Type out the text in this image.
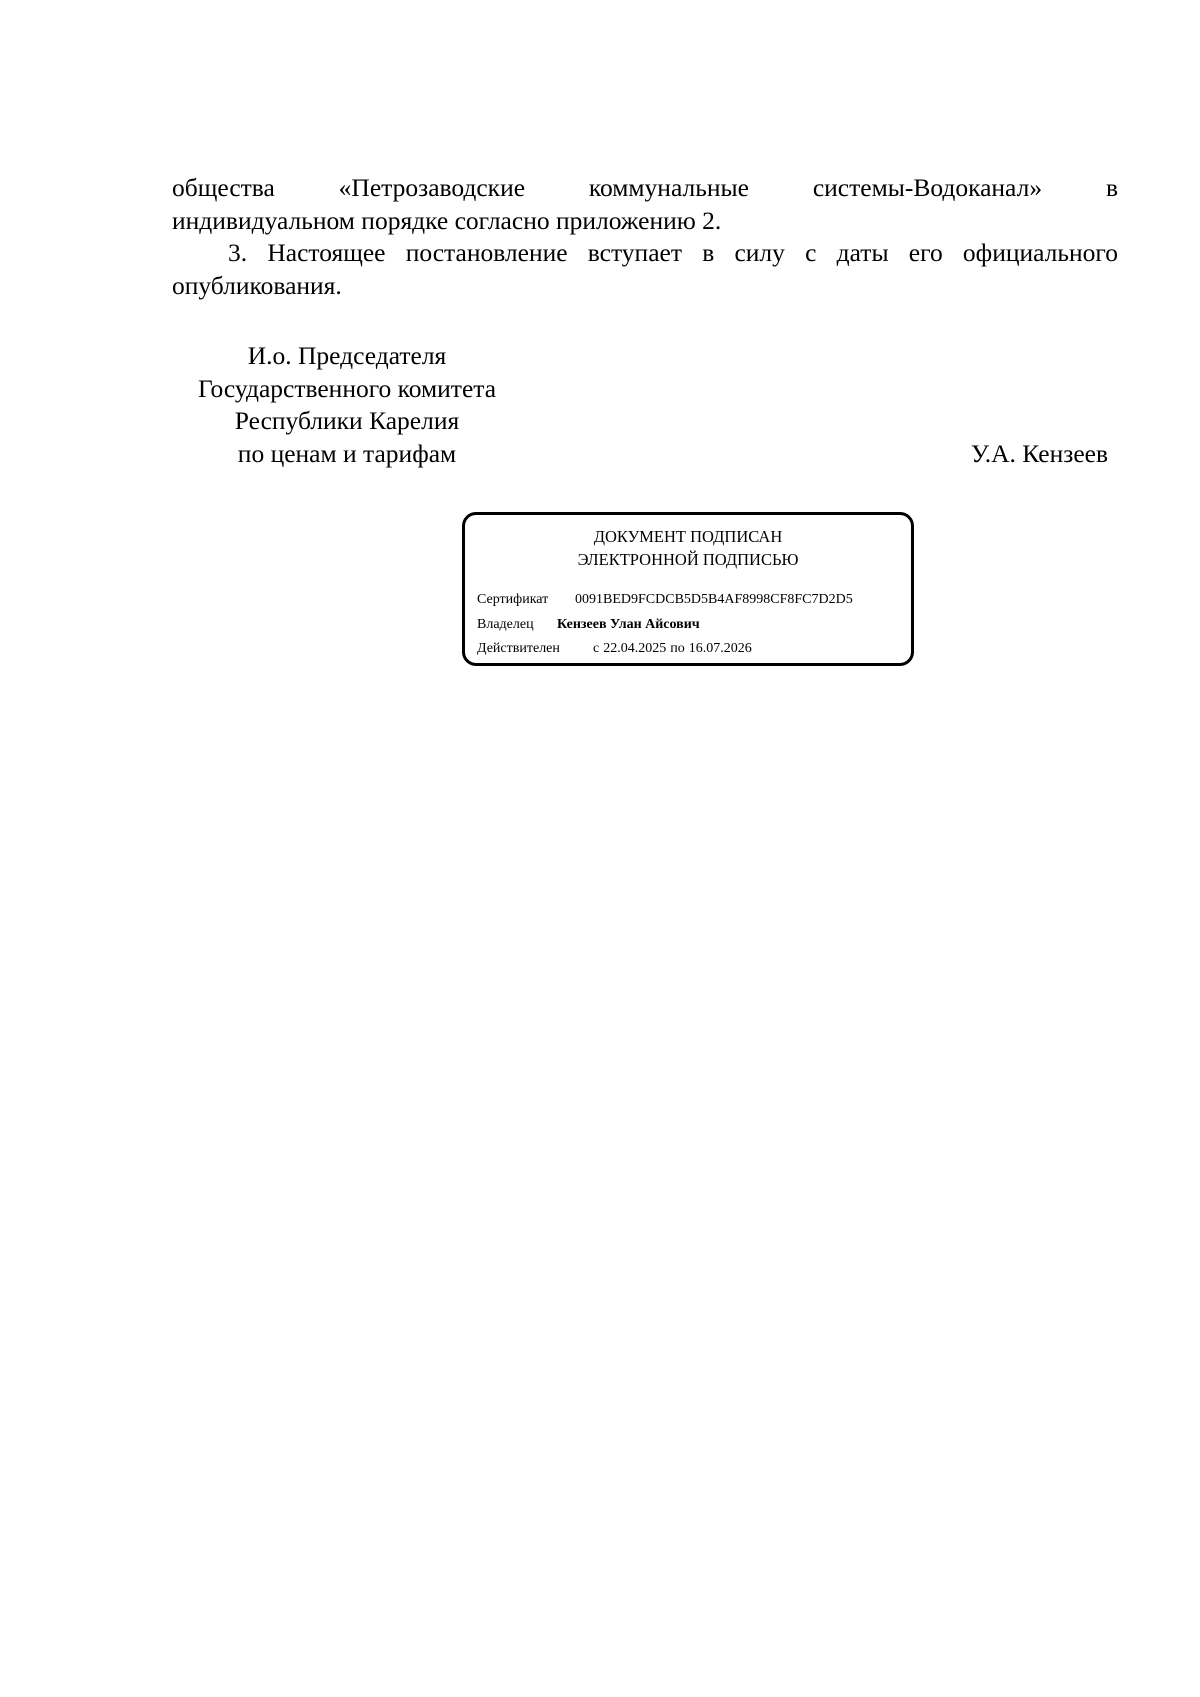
общества «Петрозаводские коммунальные системы-Водоканал» в

индивидуальном порядке согласно приложению 2.

3. Настоящее постановление вступает в силу с даты его официального опубликования.

И.о. Председателя
Государственного комитета
Республики Карелия
по ценам и тарифам	У.А. Кензеев
ДОКУМЕНТ ПОДПИСАН
ЭЛЕКТРОННОЙ ПОДПИСЬЮ
Сертификат 0091BED9FCDCB5D5B4AF8998CF8FC7D2D5
Владелец Кензеев Улан Айсович
Действителен с 22.04.2025 по 16.07.2026
